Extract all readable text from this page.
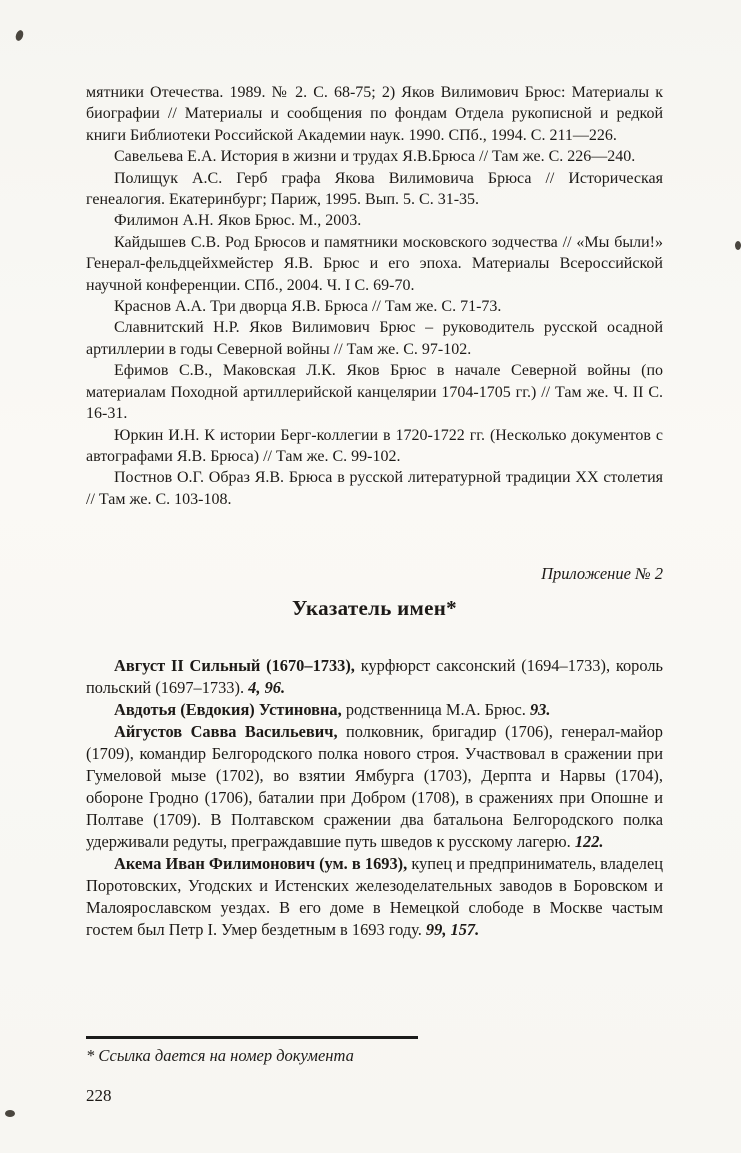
мятники Отечества. 1989. № 2. С. 68-75; 2) Яков Вилимович Брюс: Материалы к биографии // Материалы и сообщения по фондам Отдела рукописной и редкой книги Библиотеки Российской Академии наук. 1990. СПб., 1994. С. 211—226.

Савельева Е.А. История в жизни и трудах Я.В.Брюса // Там же. С. 226—240.

Полищук А.С. Герб графа Якова Вилимовича Брюса // Историческая генеалогия. Екатеринбург; Париж, 1995. Вып. 5. С. 31-35.

Филимон А.Н. Яков Брюс. М., 2003.

Кайдышев С.В. Род Брюсов и памятники московского зодчества // «Мы были!» Генерал-фельдцейхмейстер Я.В. Брюс и его эпоха. Материалы Всероссийской научной конференции. СПб., 2004. Ч. I С. 69-70.

Краснов А.А. Три дворца Я.В. Брюса // Там же. С. 71-73.

Славнитский Н.Р. Яков Вилимович Брюс – руководитель русской осадной артиллерии в годы Северной войны // Там же. С. 97-102.

Ефимов С.В., Маковская Л.К. Яков Брюс в начале Северной войны (по материалам Походной артиллерийской канцелярии 1704-1705 гг.) // Там же. Ч. II С. 16-31.

Юркин И.Н. К истории Берг-коллегии в 1720-1722 гг. (Несколько документов с автографами Я.В. Брюса) // Там же. С. 99-102.

Постнов О.Г. Образ Я.В. Брюса в русской литературной традиции XX столетия // Там же. С. 103-108.

Приложение № 2
Указатель имен*

Август II Сильный (1670–1733), курфюрст саксонский (1694–1733), король польский (1697–1733). 4, 96.

Авдотья (Евдокия) Устиновна, родственница М.А. Брюс. 93.

Айгустов Савва Васильевич, полковник, бригадир (1706), генерал-майор (1709), командир Белгородского полка нового строя. Участвовал в сражении при Гумеловой мызе (1702), во взятии Ямбурга (1703), Дерпта и Нарвы (1704), обороне Гродно (1706), баталии при Добром (1708), в сражениях при Опошне и Полтаве (1709). В Полтавском сражении два батальона Белгородского полка удерживали редуты, преграждавшие путь шведов к русскому лагерю. 122.

Акема Иван Филимонович (ум. в 1693), купец и предприниматель, владелец Поротовских, Угодских и Истенских железоделательных заводов в Боровском и Малоярославском уездах. В его доме в Немецкой слободе в Москве частым гостем был Петр I. Умер бездетным в 1693 году. 99, 157.

* Ссылка дается на номер документа
228
